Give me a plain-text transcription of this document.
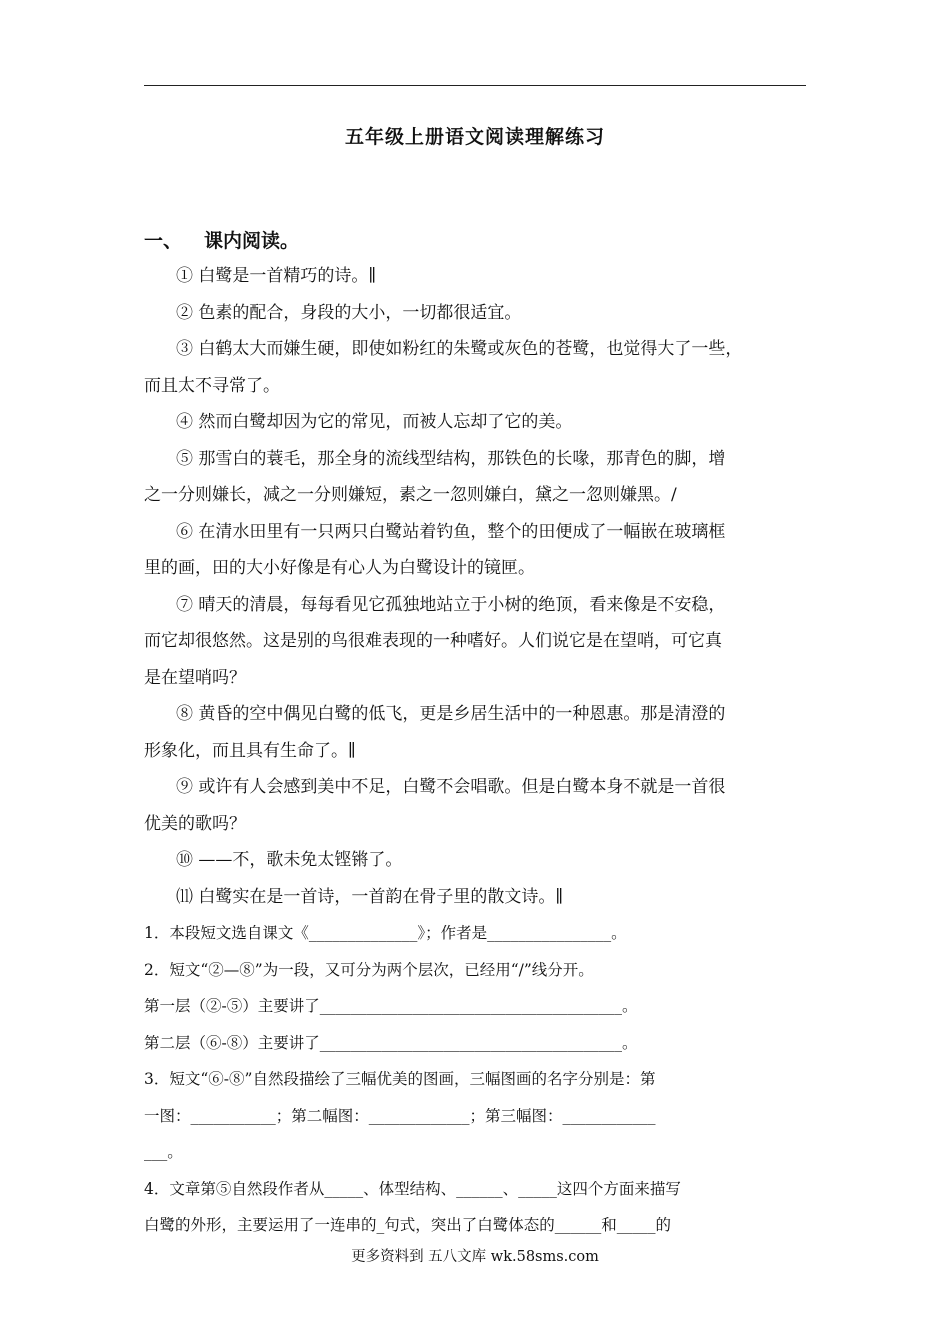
五年级上册语文阅读理解练习
一、 课内阅读。
① 白鹭是一首精巧的诗。∥
② 色素的配合，身段的大小，一切都很适宜。
③ 白鹤太大而嫌生硬，即使如粉红的朱鹭或灰色的苍鹭，也觉得大了一些，
而且太不寻常了。
④ 然而白鹭却因为它的常见，而被人忘却了它的美。
⑤ 那雪白的蓑毛，那全身的流线型结构，那铁色的长喙，那青色的脚，增
之一分则嫌长，减之一分则嫌短，素之一忽则嫌白，黛之一忽则嫌黑。/
⑥ 在清水田里有一只两只白鹭站着钓鱼，整个的田便成了一幅嵌在玻璃框
里的画，田的大小好像是有心人为白鹭设计的镜匣。
⑦ 晴天的清晨，每每看见它孤独地站立于小树的绝顶，看来像是不安稳，
而它却很悠然。这是别的鸟很难表现的一种嗜好。人们说它是在望哨，可它真
是在望哨吗？
⑧ 黄昏的空中偶见白鹭的低飞，更是乡居生活中的一种恩惠。那是清澄的
形象化，而且具有生命了。∥
⑨ 或许有人会感到美中不足，白鹭不会唱歌。但是白鹭本身不就是一首很
优美的歌吗？
⑩ ——不，歌未免太铿锵了。
⑾ 白鹭实在是一首诗，一首韵在骨子里的散文诗。∥
1．本段短文选自课文《______________》；作者是________________。
2．短文“②—⑧”为一段，又可分为两个层次，已经用“/”线分开。
第一层（②-⑤）主要讲了_______________________________________。
第二层（⑥-⑧）主要讲了_______________________________________。
3．短文“⑥-⑧”自然段描绘了三幅优美的图画，三幅图画的名字分别是：第
一图：___________；第二幅图：_____________；第三幅图：____________
___。
4．文章第⑤自然段作者从_____、体型结构、______、_____这四个方面来描写
白鹭的外形，主要运用了一连串的_句式，突出了白鹭体态的______和_____的
更多资料到 五八文库 wk.58sms.com
